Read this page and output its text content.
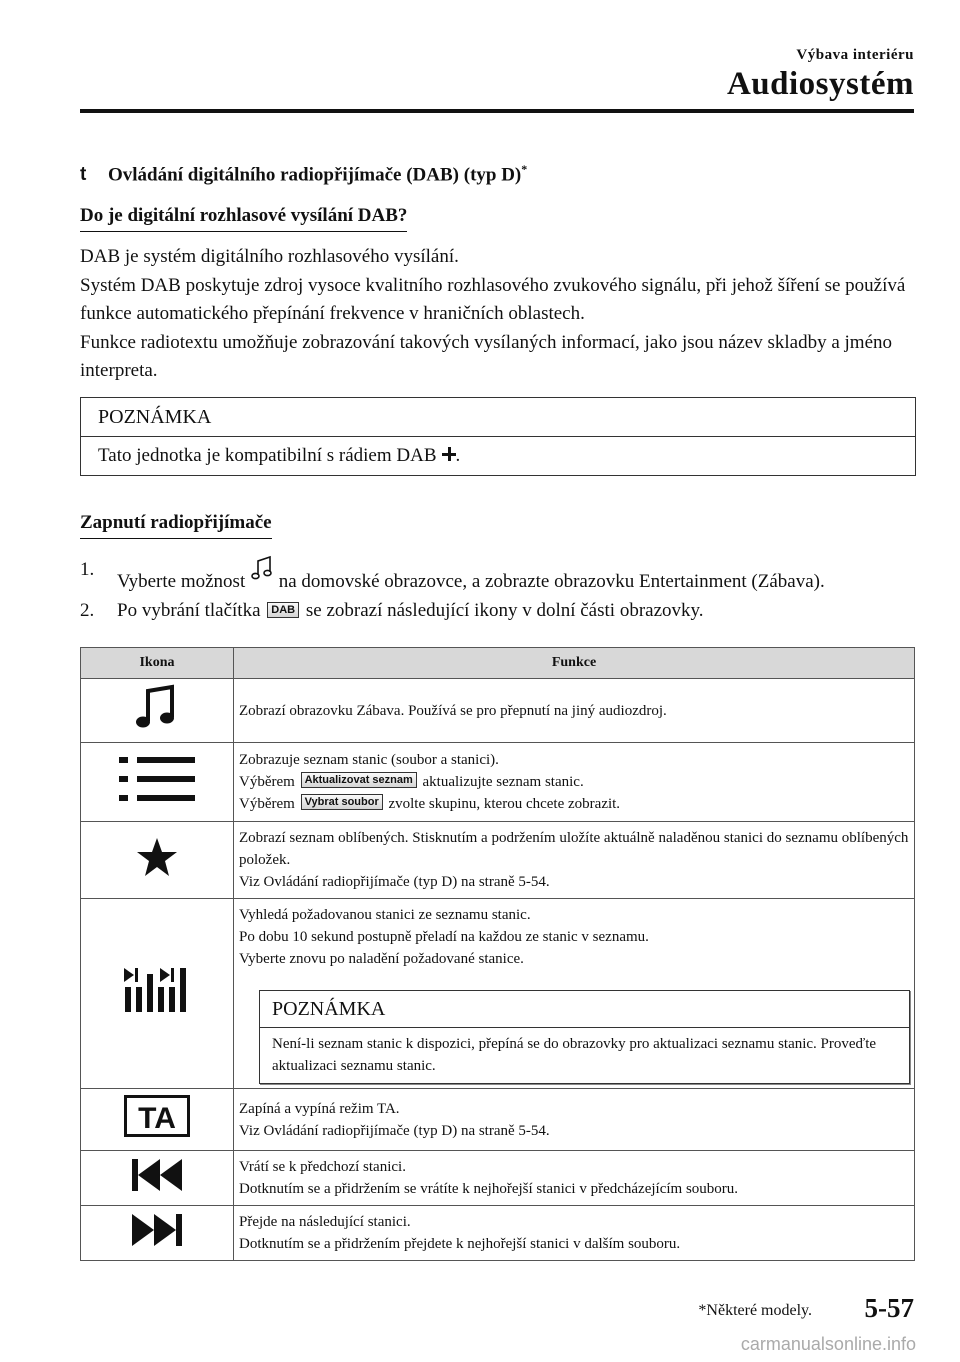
Výbava interiéru
Audiosystém
t Ovládání digitálního radiopřijímače (DAB) (typ D)*
Do je digitální rozhlasové vysílání DAB?

DAB je systém digitálního rozhlasového vysílání.

Systém DAB poskytuje zdroj vysoce kvalitního rozhlasového zvukového signálu, při jehož šíření se používá funkce automatického přepínání frekvence v hraničních oblastech.

Funkce radiotextu umožňuje zobrazování takových vysílaných informací, jako jsou název skladby a jméno interpreta.

POZNÁMKA
Tato jednotka je kompatibilní s rádiem DAB .
Zapnutí radiopřijímače
1.
Vyberte možnost na domovské obrazovce, a zobrazte obrazovku Entertainment (Zábava).
2. Po vybrání tlačítka DAB se zobrazí následující ikony v dolní části obrazovky.
Ikona	Funkce
	Zobrazí obrazovku Zábava. Používá se pro přepnutí na jiný audiozdroj.

Zobrazuje seznam stanic (soubor a stanici).
Výběrem Aktualizovat seznam aktualizujte seznam stanic.
Výběrem Vybrat soubor zvolte skupinu, kterou chcete zobrazit.

Zobrazí seznam oblíbených. Stisknutím a podržením uložíte aktuálně naladěnou stanici do seznamu oblíbených položek.
Viz Ovládání radiopřijímače (typ D) na straně 5-54.

Vyhledá požadovanou stanici ze seznamu stanic.
Po dobu 10 sekund postupně přeladí na každou ze stanic v seznamu.
Vyberte znovu po naladění požadované stanice.
POZNÁMKA
Není-li seznam stanic k dispozici, přepíná se do obrazovky pro aktualizaci seznamu stanic. Proveďte aktualizaci seznamu stanic.

TA	Zapíná a vypíná režim TA.
Viz Ovládání radiopřijímače (typ D) na straně 5-54.

Vrátí se k předchozí stanici.
Dotknutím se a přidržením se vrátíte k nejhořejší stanici v předcházejícím souboru.

Přejde na následující stanici.
Dotknutím se a přidržením přejdete k nejhořejší stanici v dalším souboru.
*Některé modely. 5-57
carmanualsonline.info
